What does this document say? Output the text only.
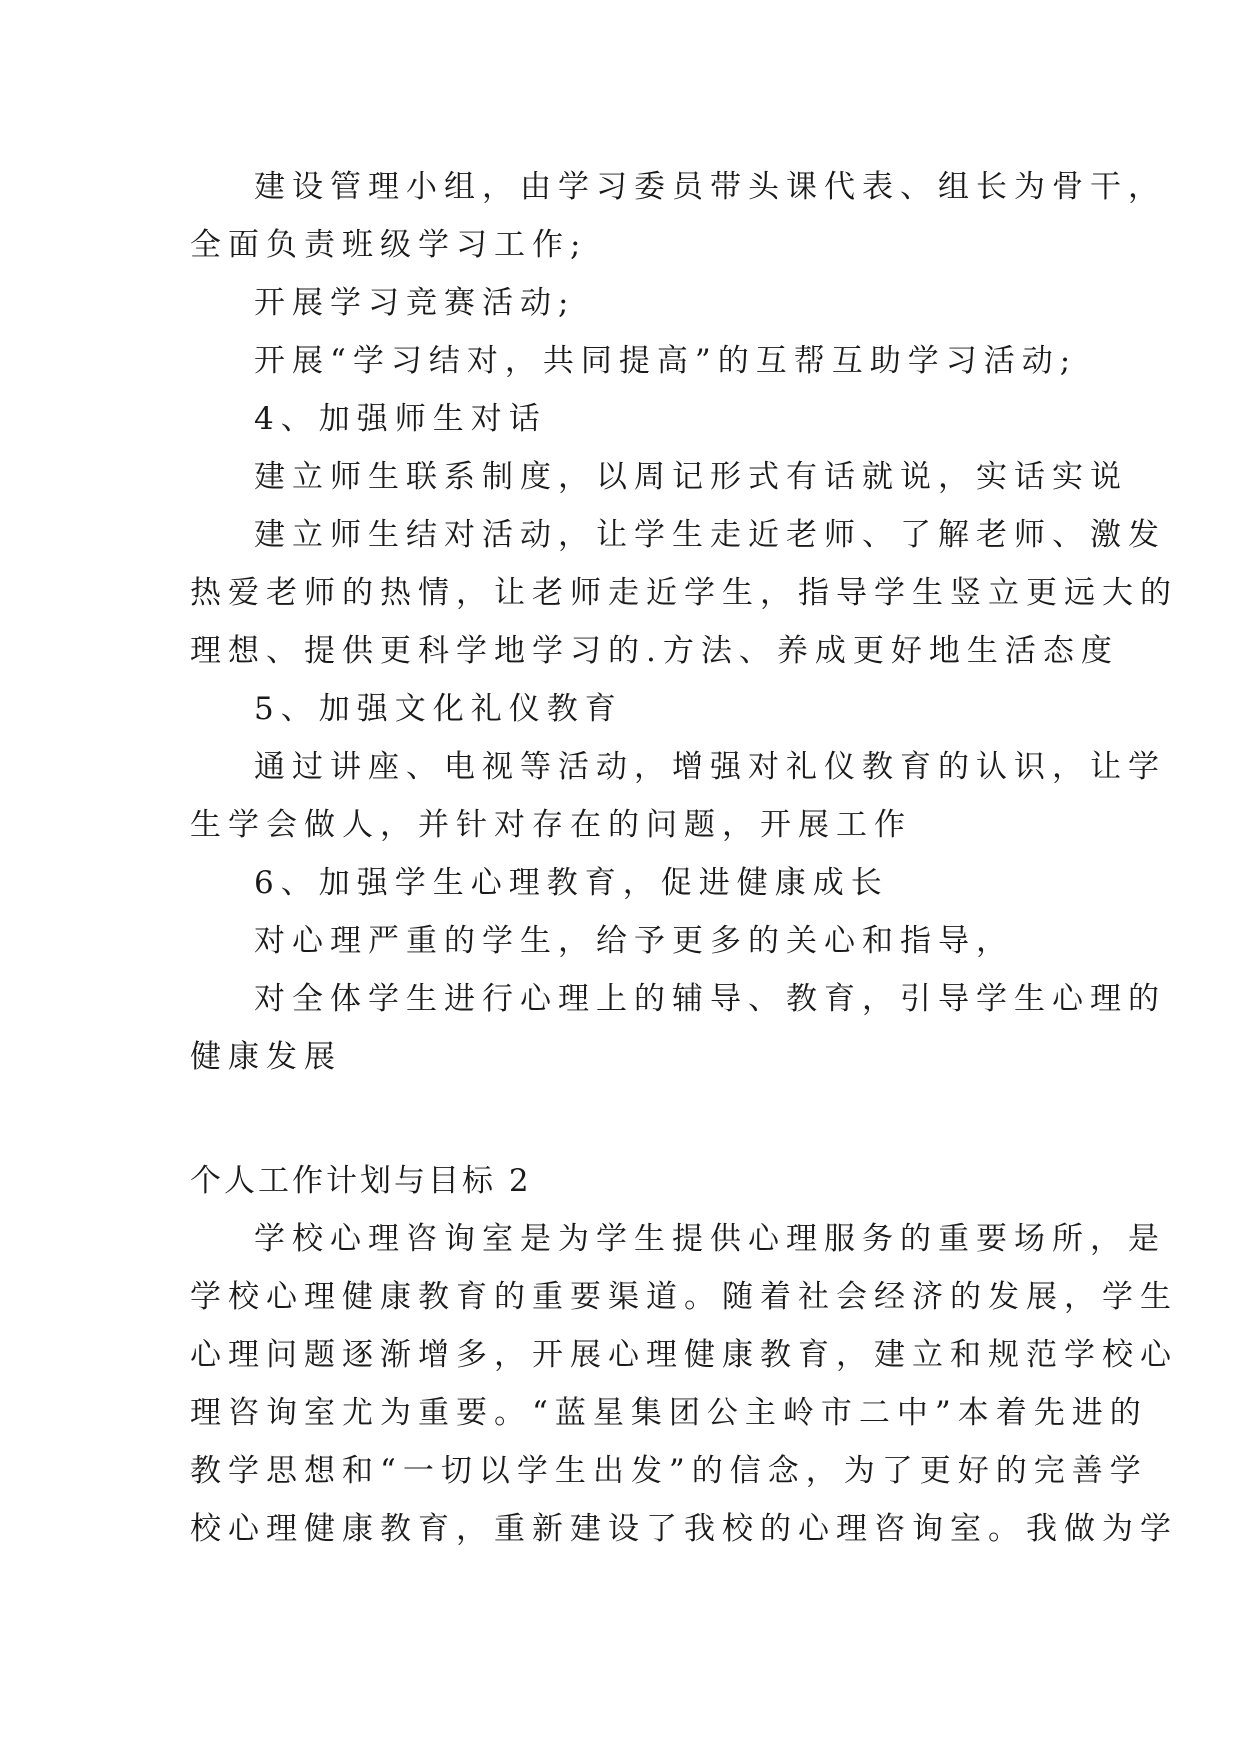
建设管理小组，由学习委员带头课代表、组长为骨干，
全面负责班级学习工作;
开展学习竞赛活动;
开展“学习结对，共同提高”的互帮互助学习活动;
4、加强师生对话
建立师生联系制度，以周记形式有话就说，实话实说
建立师生结对活动，让学生走近老师、了解老师、激发
热爱老师的热情，让老师走近学生，指导学生竖立更远大的
理想、提供更科学地学习的.方法、养成更好地生活态度
5、加强文化礼仪教育
通过讲座、电视等活动，增强对礼仪教育的认识，让学
生学会做人，并针对存在的问题，开展工作
6、加强学生心理教育，促进健康成长
对心理严重的学生，给予更多的关心和指导，
对全体学生进行心理上的辅导、教育，引导学生心理的
健康发展
个人工作计划与目标 2
学校心理咨询室是为学生提供心理服务的重要场所，是
学校心理健康教育的重要渠道。随着社会经济的发展，学生
心理问题逐渐增多，开展心理健康教育，建立和规范学校心
理咨询室尤为重要。“蓝星集团公主岭市二中”本着先进的
教学思想和“一切以学生出发”的信念，为了更好的完善学
校心理健康教育，重新建设了我校的心理咨询室。我做为学
